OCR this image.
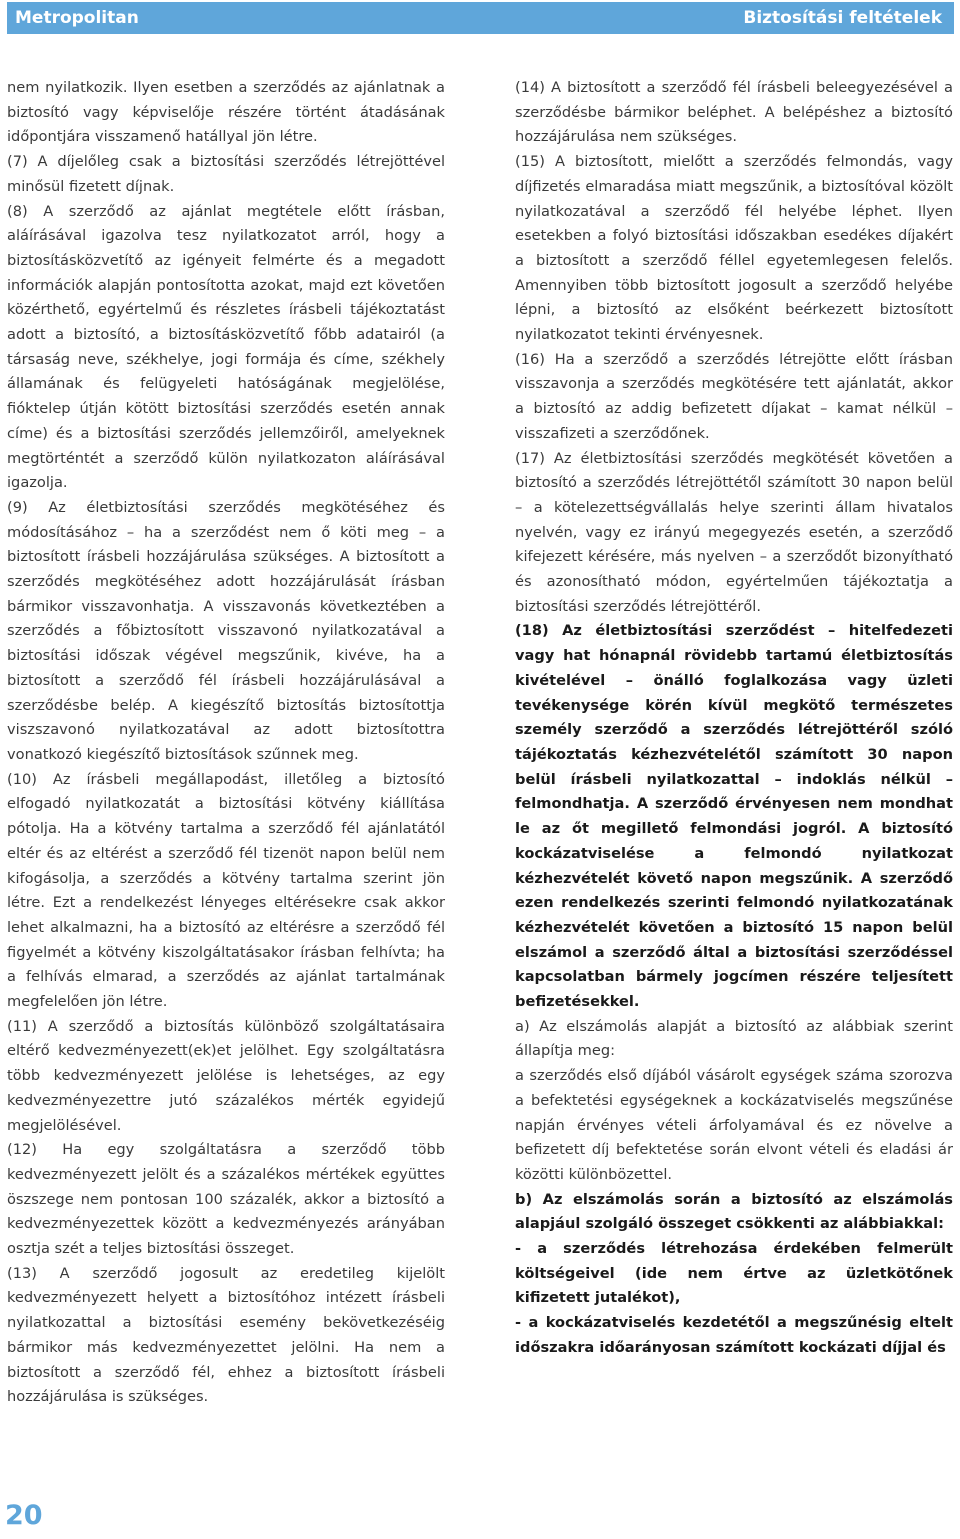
Metropolitan	Biztosítási feltételek

nem nyilatkozik. Ilyen esetben a szerződés az ajánlatnak a biztosító vagy képviselője részére történt átadásának időpontjára visszamenő hatállyal jön létre.

(7) A díjelőleg csak a biztosítási szerződés létrejöttével minősül fizetett díjnak.

(8) A szerződő az ajánlat megtétele előtt írásban, aláírásával igazolva tesz nyilatkozatot arról, hogy a biztosításközvetítő az igényeit felmérte és a megadott információk alapján pontosította azokat, majd ezt követően közérthető, egyértelmű és részletes írásbeli tájékoztatást adott a biztosító, a biztosításközvetítő főbb adatairól (a társaság neve, székhelye, jogi formája és címe, székhely államának és felügyeleti hatóságának megjelölése, fióktelep útján kötött biztosítási szerződés esetén annak címe) és a biztosítási szerződés jellemzőiről, amelyeknek megtörténtét a szerződő külön nyilatkozaton aláírásával igazolja.

(9) Az életbiztosítási szerződés megkötéséhez és módosításához – ha a szerződést nem ő köti meg – a biztosított írásbeli hozzájárulása szükséges. A biztosított a szerződés megkötéséhez adott hozzájárulását írásban bármikor visszavonhatja. A visszavonás következtében a szerződés a főbiztosított visszavonó nyilatkozatával a biztosítási időszak végével megszűnik, kivéve, ha a biztosított a szerződő fél írásbeli hozzájárulásával a szerződésbe belép. A kiegészítő biztosítás biztosítottja viszszavonó nyilatkozatával az adott biztosítottra vonatkozó kiegészítő biztosítások szűnnek meg.

(10) Az írásbeli megállapodást, illetőleg a biztosító elfogadó nyilatkozatát a biztosítási kötvény kiállítása pótolja. Ha a kötvény tartalma a szerződő fél ajánlatától eltér és az eltérést a szerződő fél tizenöt napon belül nem kifogásolja, a szerződés a kötvény tartalma szerint jön létre. Ezt a rendelkezést lényeges eltérésekre csak akkor lehet alkalmazni, ha a biztosító az eltérésre a szerződő fél figyelmét a kötvény kiszolgáltatásakor írásban felhívta; ha a felhívás elmarad, a szerződés az ajánlat tartalmának megfelelően jön létre.

(11) A szerződő a biztosítás különböző szolgáltatásaira eltérő kedvezményezett(ek)et jelölhet. Egy szolgáltatásra több kedvezményezett jelölése is lehetséges, az egy kedvezményezettre jutó százalékos mérték egyidejű megjelölésével.

(12) Ha egy szolgáltatásra a szerződő több kedvezményezett jelölt és a százalékos mértékek együttes öszszege nem pontosan 100 százalék, akkor a biztosító a kedvezményezettek között a kedvezményezés arányában osztja szét a teljes biztosítási összeget.

(13) A szerződő jogosult az eredetileg kijelölt kedvezményezett helyett a biztosítóhoz intézett írásbeli nyilatkozattal a biztosítási esemény bekövetkezéséig bármikor más kedvezményezettet jelölni. Ha nem a biztosított a szerződő fél, ehhez a biztosított írásbeli hozzájárulása is szükséges.

(14) A biztosított a szerződő fél írásbeli beleegyezésével a szerződésbe bármikor beléphet. A belépéshez a biztosító hozzájárulása nem szükséges.

(15) A biztosított, mielőtt a szerződés felmondás, vagy díjfizetés elmaradása miatt megszűnik, a biztosítóval közölt nyilatkozatával a szerződő fél helyébe léphet. Ilyen esetekben a folyó biztosítási időszakban esedékes díjakért a biztosított a szerződő féllel egyetemlegesen felelős. Amennyiben több biztosított jogosult a szerződő helyébe lépni, a biztosító az elsőként beérkezett biztosított nyilatkozatot tekinti érvényesnek.

(16) Ha a szerződő a szerződés létrejötte előtt írásban visszavonja a szerződés megkötésére tett ajánlatát, akkor a biztosító az addig befizetett díjakat – kamat nélkül – visszafizeti a szerződőnek.

(17) Az életbiztosítási szerződés megkötését követően a biztosító a szerződés létrejöttétől számított 30 napon belül – a kötelezettségvállalás helye szerinti állam hivatalos nyelvén, vagy ez irányú megegyezés esetén, a szerződő kifejezett kérésére, más nyelven – a szerződőt bizonyítható és azonosítható módon, egyértelműen tájékoztatja a biztosítási szerződés létrejöttéről.

(18) Az életbiztosítási szerződést – hitelfedezeti vagy hat hónapnál rövidebb tartamú életbiztosítás kivételével – önálló foglalkozása vagy üzleti tevékenysége körén kívül megkötő természetes személy szerződő a szerződés létrejöttéről szóló tájékoztatás kézhezvételétől számított 30 napon belül írásbeli nyilatkozattal – indoklás nélkül – felmondhatja. A szerződő érvényesen nem mondhat le az őt megillető felmondási jogról. A biztosító kockázatviselése a felmondó nyilatkozat kézhezvételét követő napon megszűnik. A szerződő ezen rendelkezés szerinti felmondó nyilatkozatának kézhezvételét követően a biztosító 15 napon belül elszámol a szerződő által a biztosítási szerződéssel kapcsolatban bármely jogcímen részére teljesített befizetésekkel.

a) Az elszámolás alapját a biztosító az alábbiak szerint állapítja meg:

a szerződés első díjából vásárolt egységek száma szorozva a befektetési egységeknek a kockázatviselés megszűnése napján érvényes vételi árfolyamával és ez növelve a befizetett díj befektetése során elvont vételi és eladási ár közötti különbözettel.

b) Az elszámolás során a biztosító az elszámolás alapjául szolgáló összeget csökkenti az alábbiakkal:

- a szerződés létrehozása érdekében felmerült költségeivel (ide nem értve az üzletkötőnek kifizetett jutalékot),

- a kockázatviselés kezdetétől a megszűnésig eltelt időszakra időarányosan számított kockázati díjjal és

20
